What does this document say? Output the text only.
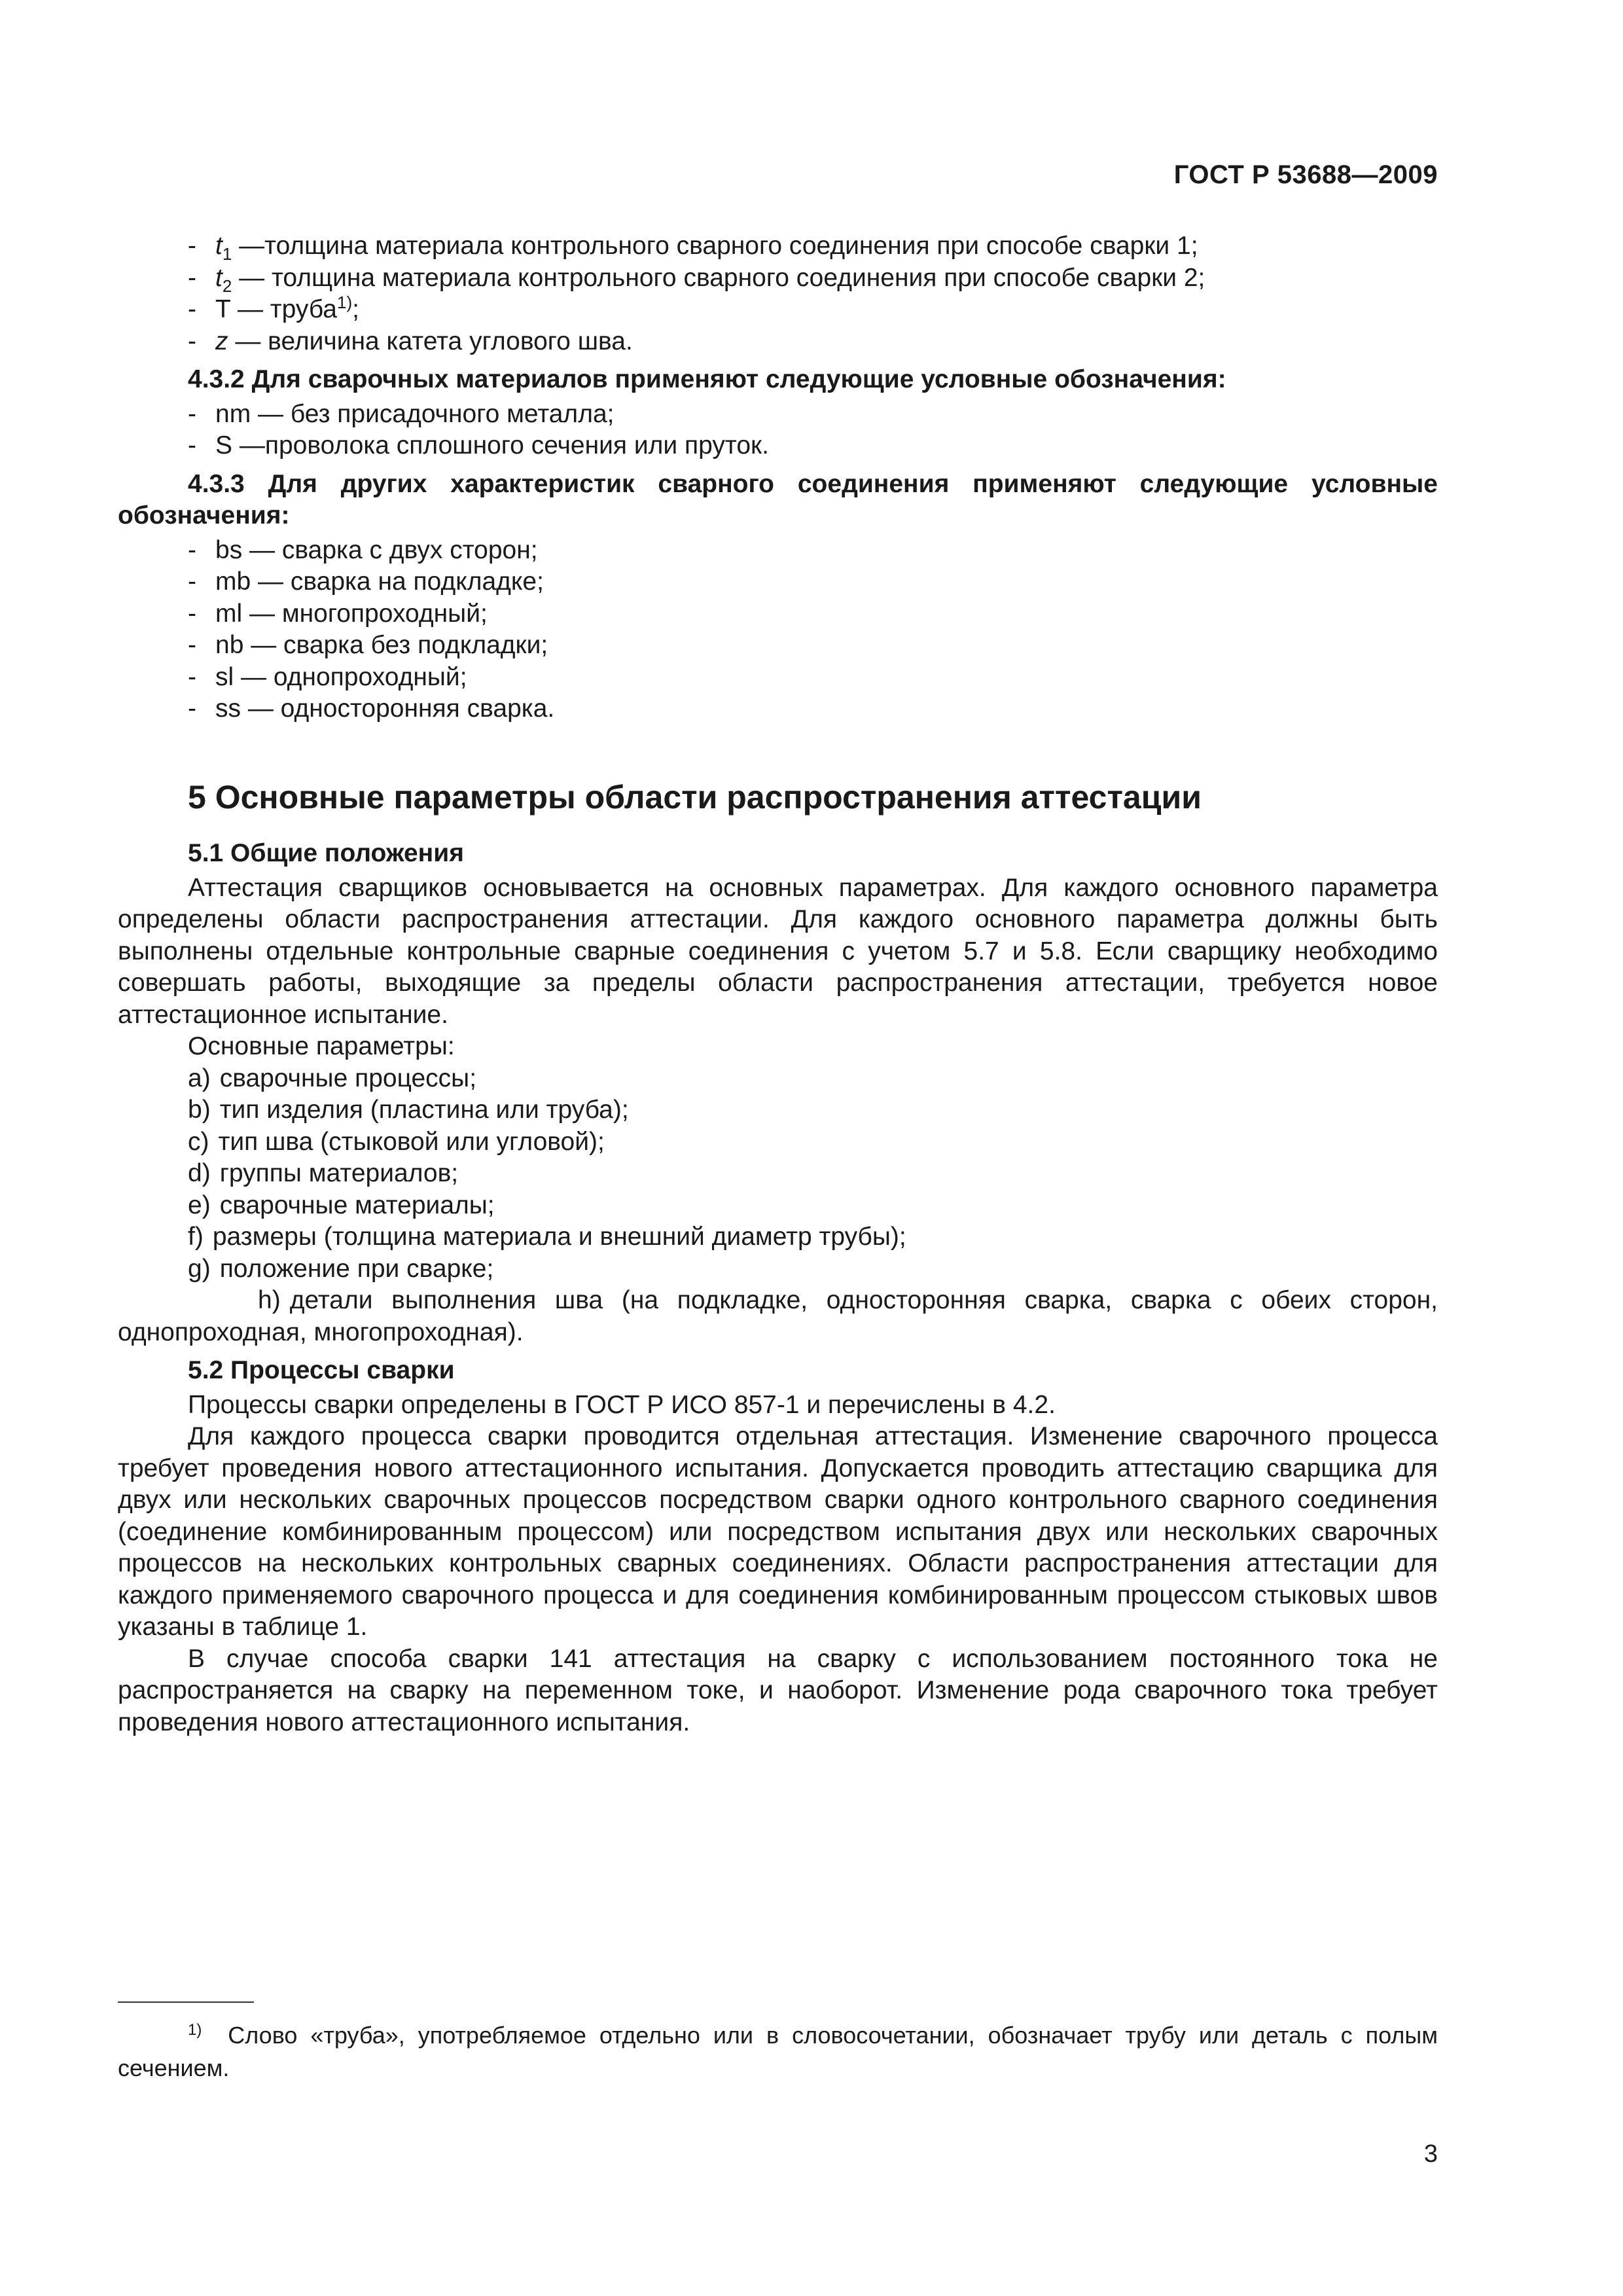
ГОСТ Р 53688—2009
- $t_1$ —толщина материала контрольного сварного соединения при способе сварки 1;
- $t_2$ — толщина материала контрольного сварного соединения при способе сварки 2;
- T — труба$^{1)}$;
- z — величина катета углового шва.
4.3.2 Для сварочных материалов применяют следующие условные обозначения:
- nm — без присадочного металла;
- S —проволока сплошного сечения или пруток.
4.3.3 Для других характеристик сварного соединения применяют следующие условные обозначения:
- bs — сварка с двух сторон;
- mb — сварка на подкладке;
- ml — многопроходный;
- nb — сварка без подкладки;
- sl — однопроходный;
- ss — односторонняя сварка.
5 Основные параметры области распространения аттестации
5.1 Общие положения

Аттестация сварщиков основывается на основных параметрах. Для каждого основного параметра определены области распространения аттестации. Для каждого основного параметра должны быть выполнены отдельные контрольные сварные соединения с учетом 5.7 и 5.8. Если сварщику необходимо совершать работы, выходящие за пределы области распространения аттестации, требуется новое аттестационное испытание.

Основные параметры:

a) сварочные процессы;
b) тип изделия (пластина или труба);
c) тип шва (стыковой или угловой);
d) группы материалов;
e) сварочные материалы;
f) размеры (толщина материала и внешний диаметр трубы);
g) положение при сварке;
h) детали выполнения шва (на подкладке, односторонняя сварка, сварка с обеих сторон, однопроходная, многопроходная).
5.2 Процессы сварки

Процессы сварки определены в ГОСТ Р ИСО 857-1 и перечислены в 4.2.

Для каждого процесса сварки проводится отдельная аттестация. Изменение сварочного процесса требует проведения нового аттестационного испытания. Допускается проводить аттестацию сварщика для двух или нескольких сварочных процессов посредством сварки одного контрольного сварного соединения (соединение комбинированным процессом) или посредством испытания двух или нескольких сварочных процессов на нескольких контрольных сварных соединениях. Области распространения аттестации для каждого применяемого сварочного процесса и для соединения комбинированным процессом стыковых швов указаны в таблице 1.

В случае способа сварки 141 аттестация на сварку с использованием постоянного тока не распространяется на сварку на переменном токе, и наоборот. Изменение рода сварочного тока требует проведения нового аттестационного испытания.

$^{1)}$ Слово «труба», употребляемое отдельно или в словосочетании, обозначает трубу или деталь с полым сечением.
3
